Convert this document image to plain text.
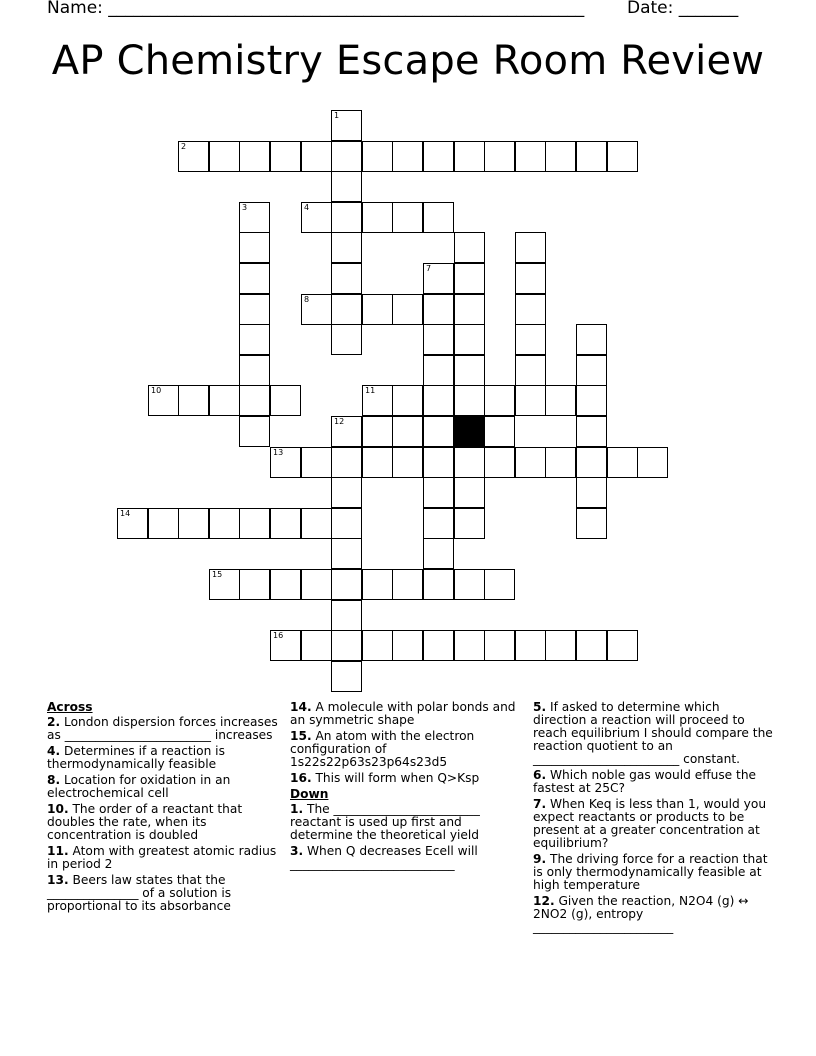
Name: ________________________________________________________	Date: _______
AP Chemistry Escape Room Review
1
2
3	4
7
8
10	11
12
13
14
15
16
Across
2. London dispersion forces increases as ________________________ increases
4. Determines if a reaction is thermodynamically feasible
8. Location for oxidation in an electrochemical cell
10. The order of a reactant that doubles the rate, when its concentration is doubled
11. Atom with greatest atomic radius in period 2
13. Beers law states that the _______________ of a solution is proportional to its absorbance
14. A molecule with polar bonds and an symmetric shape
15. An atom with the electron configuration of 1s22s22p63s23p64s23d5
16. This will form when Q>Ksp
Down
1. The ________________________ reactant is used up first and determine the theoretical yield
3. When Q decreases Ecell will ___________________________
5. If asked to determine which direction a reaction will proceed to reach equilibrium I should compare the reaction quotient to an ________________________ constant.
6. Which noble gas would effuse the fastest at 25C?
7. When Keq is less than 1, would you expect reactants or products to be present at a greater concentration at equilibrium?
9. The driving force for a reaction that is only thermodynamically feasible at high temperature
12. Given the reaction, N2O4 (g) ↔ 2NO2 (g), entropy _______________________
